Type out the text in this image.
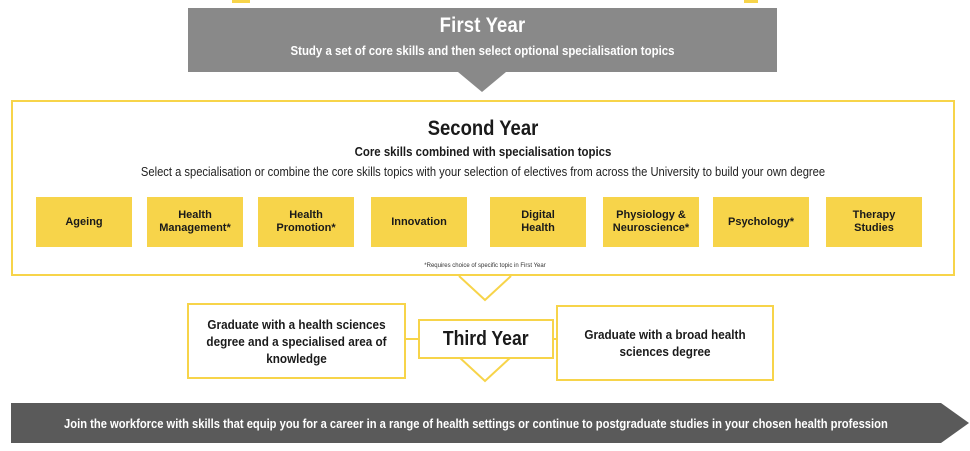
First Year
Study a set of core skills and then select optional specialisation topics
Second Year
Core skills combined with specialisation topics
Select a specialisation or combine the core skills topics with your selection of electives from across the University to build your own degree
Ageing
Health
Management*
Health
Promotion*
Innovation
Digital
Health
Physiology &
Neuroscience*
Psychology*
Therapy
Studies
*Requires choice of specific topic in First Year
Graduate with a health sciences degree and a specialised area of knowledge
Graduate with a broad health sciences degree
Third Year
Join the workforce with skills that equip you for a career in a range of health settings or continue to postgraduate studies in your chosen health profession
